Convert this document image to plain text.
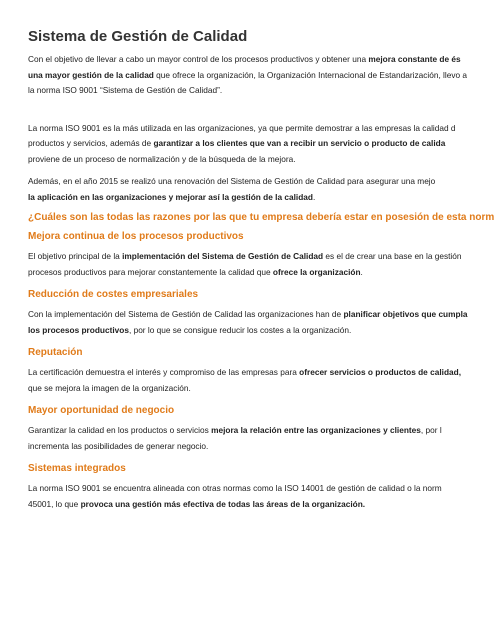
Sistema de Gestión de Calidad

Con el objetivo de llevar a cabo un mayor control de los procesos productivos y obtener una mejora constante de és
una mayor gestión de la calidad que ofrece la organización, la Organización Internacional de Estandarización, llevo a
la norma ISO 9001 “Sistema de Gestión de Calidad”.

La norma ISO 9001 es la más utilizada en las organizaciones, ya que permite demostrar a las empresas la calidad d
productos y servicios, además de garantizar a los clientes que van a recibir un servicio o producto de calida
proviene de un proceso de normalización y de la búsqueda de la mejora.

Además, en el año 2015 se realizó una renovación del Sistema de Gestión de Calidad para asegurar una mejo
la aplicación en las organizaciones y mejorar así la gestión de la calidad.

¿Cuáles son las todas las razones por las que tu empresa debería estar en posesión de esta norm
Mejora continua de los procesos productivos

El objetivo principal de la implementación del Sistema de Gestión de Calidad es el de crear una base en la gestión
procesos productivos para mejorar constantemente la calidad que ofrece la organización.

Reducción de costes empresariales

Con la implementación del Sistema de Gestión de Calidad las organizaciones han de planificar objetivos que cumpla
los procesos productivos, por lo que se consigue reducir los costes a la organización.

Reputación

La certificación demuestra el interés y compromiso de las empresas para ofrecer servicios o productos de calidad,
que se mejora la imagen de la organización.

Mayor oportunidad de negocio

Garantizar la calidad en los productos o servicios mejora la relación entre las organizaciones y clientes, por l
incrementa las posibilidades de generar negocio.

Sistemas integrados

La norma ISO 9001 se encuentra alineada con otras normas como la ISO 14001 de gestión de calidad o la norm
45001, lo que provoca una gestión más efectiva de todas las áreas de la organización.
